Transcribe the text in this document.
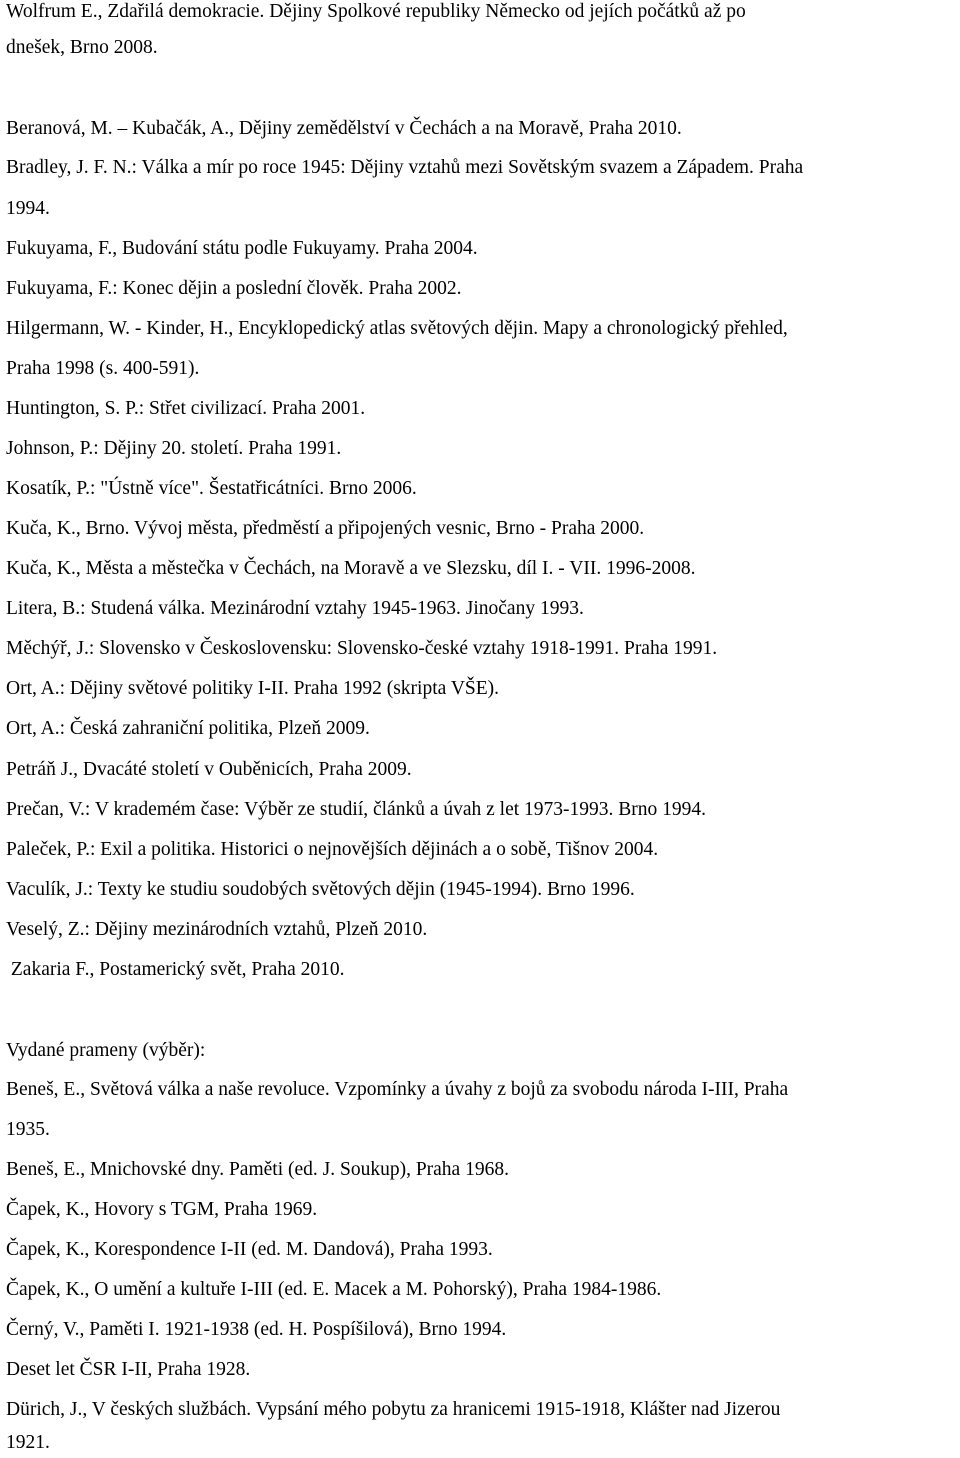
Wolfrum E., Zdařilá demokracie. Dějiny Spolkové republiky Německo od jejích počátků až po
dnešek, Brno 2008.
Beranová, M. – Kubačák, A., Dějiny zemědělství v Čechách a na Moravě, Praha 2010.
Bradley, J. F. N.: Válka a mír po roce 1945: Dějiny vztahů mezi Sovětským svazem a Západem. Praha
1994.
Fukuyama, F., Budování státu podle Fukuyamy. Praha 2004.
Fukuyama, F.: Konec dějin a poslední člověk. Praha 2002.
Hilgermann, W. - Kinder, H., Encyklopedický atlas světových dějin. Mapy a chronologický přehled,
Praha 1998 (s. 400-591).
Huntington, S. P.: Střet civilizací. Praha 2001.
Johnson, P.: Dějiny 20. století. Praha 1991.
Kosatík, P.: "Ústně více". Šestatřicátníci. Brno 2006.
Kuča, K., Brno. Vývoj města, předměstí a připojených vesnic, Brno - Praha 2000.
Kuča, K., Města a městečka v Čechách, na Moravě a ve Slezsku, díl I. - VII. 1996-2008.
Litera, B.: Studená válka. Mezinárodní vztahy 1945-1963. Jinočany 1993.
Měchýř, J.: Slovensko v Československu: Slovensko-české vztahy 1918-1991. Praha 1991.
Ort, A.: Dějiny světové politiky I-II. Praha 1992 (skripta VŠE).
Ort, A.: Česká zahraniční politika, Plzeň 2009.
Petráň J., Dvacáté století v Ouběnicích, Praha 2009.
Prečan, V.: V krademém čase: Výběr ze studií, článků a úvah z let 1973-1993. Brno 1994.
Paleček, P.: Exil a politika. Historici o nejnovějších dějinách a o sobě, Tišnov 2004.
Vaculík, J.: Texty ke studiu soudobých světových dějin (1945-1994). Brno 1996.
Veselý, Z.: Dějiny mezinárodních vztahů, Plzeň 2010.
Zakaria F., Postamerický svět, Praha 2010.
Vydané prameny (výběr):
Beneš, E., Světová válka a naše revoluce. Vzpomínky a úvahy z bojů za svobodu národa I-III, Praha
1935.
Beneš, E., Mnichovské dny. Paměti (ed. J. Soukup), Praha 1968.
Čapek, K., Hovory s TGM, Praha 1969.
Čapek, K., Korespondence I-II (ed. M. Dandová), Praha 1993.
Čapek, K., O umění a kultuře I-III (ed. E. Macek a M. Pohorský), Praha 1984-1986.
Černý, V., Paměti I. 1921-1938 (ed. H. Pospíšilová), Brno 1994.
Deset let ČSR I-II, Praha 1928.
Dürich, J., V českých službách. Vypsání mého pobytu za hranicemi 1915-1918, Klášter nad Jizerou
1921.
